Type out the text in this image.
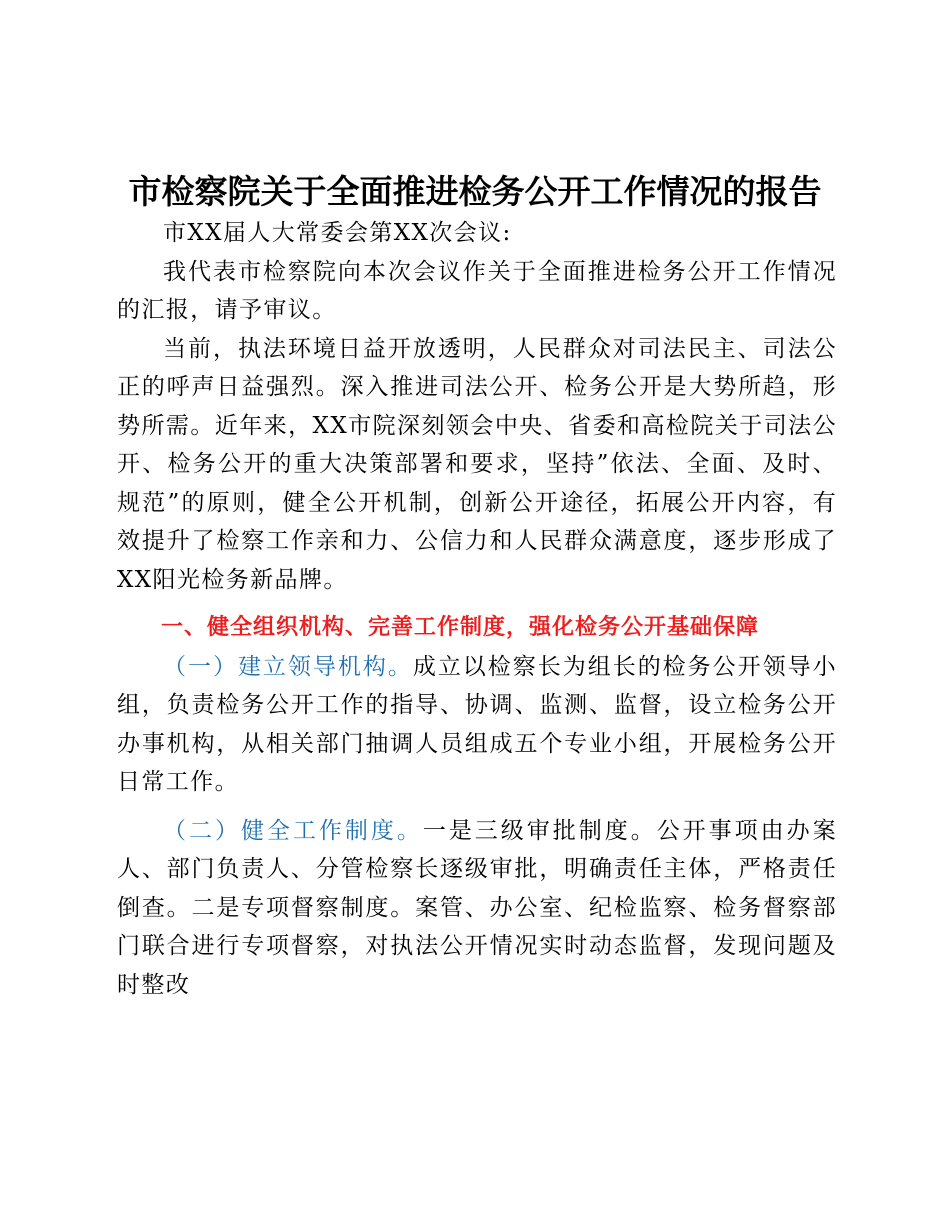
市检察院关于全面推进检务公开工作情况的报告

市XX届人大常委会第XX次会议:

我代表市检察院向本次会议作关于全面推进检务公开工作情况的汇报，请予审议。

当前，执法环境日益开放透明，人民群众对司法民主、司法公正的呼声日益强烈。深入推进司法公开、检务公开是大势所趋，形势所需。近年来，XX市院深刻领会中央、省委和高检院关于司法公开、检务公开的重大决策部署和要求，坚持”依法、全面、及时、规范”的原则，健全公开机制，创新公开途径，拓展公开内容，有效提升了检察工作亲和力、公信力和人民群众满意度，逐步形成了XX阳光检务新品牌。

一、健全组织机构、完善工作制度，强化检务公开基础保障

（一）建立领导机构。成立以检察长为组长的检务公开领导小组，负责检务公开工作的指导、协调、监测、监督，设立检务公开办事机构，从相关部门抽调人员组成五个专业小组，开展检务公开日常工作。

（二）健全工作制度。一是三级审批制度。公开事项由办案人、部门负责人、分管检察长逐级审批，明确责任主体，严格责任倒查。二是专项督察制度。案管、办公室、纪检监察、检务督察部门联合进行专项督察，对执法公开情况实时动态监督，发现问题及时整改
